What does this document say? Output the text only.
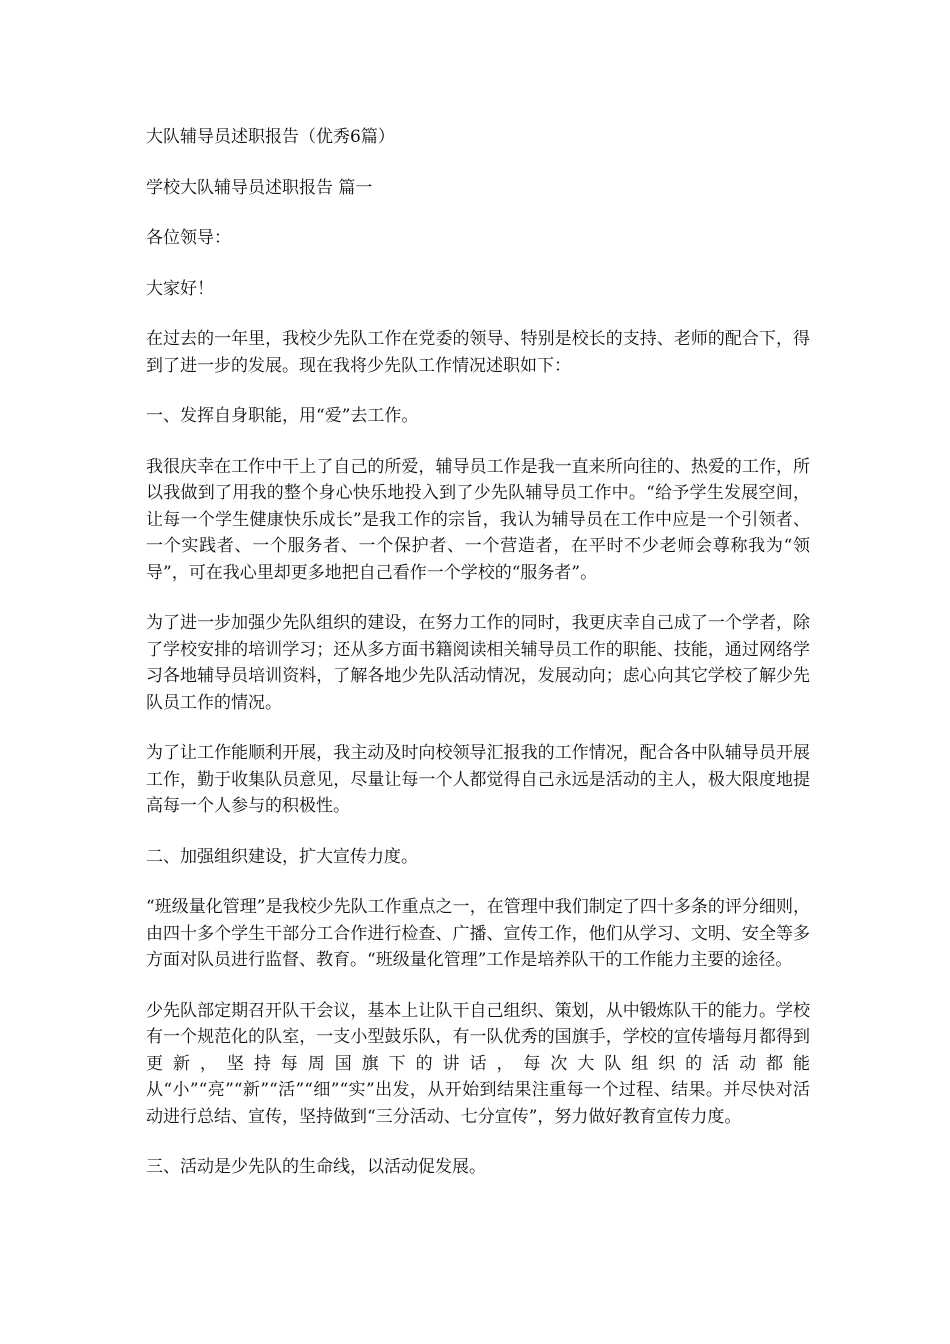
大队辅导员述职报告（优秀6篇）

学校大队辅导员述职报告 篇一

各位领导：

大家好！

在过去的一年里，我校少先队工作在党委的领导、特别是校长的支持、老师的配合下，得到了进一步的发展。现在我将少先队工作情况述职如下：

一、发挥自身职能，用“爱”去工作。

我很庆幸在工作中干上了自己的所爱，辅导员工作是我一直来所向往的、热爱的工作，所以我做到了用我的整个身心快乐地投入到了少先队辅导员工作中。“给予学生发展空间，让每一个学生健康快乐成长”是我工作的宗旨，我认为辅导员在工作中应是一个引领者、一个实践者、一个服务者、一个保护者、一个营造者，在平时不少老师会尊称我为“领导”，可在我心里却更多地把自己看作一个学校的“服务者”。

为了进一步加强少先队组织的建设，在努力工作的同时，我更庆幸自己成了一个学者，除了学校安排的培训学习；还从多方面书籍阅读相关辅导员工作的职能、技能，通过网络学习各地辅导员培训资料，了解各地少先队活动情况，发展动向；虑心向其它学校了解少先队员工作的情况。

为了让工作能顺利开展，我主动及时向校领导汇报我的工作情况，配合各中队辅导员开展工作，勤于收集队员意见，尽量让每一个人都觉得自己永远是活动的主人，极大限度地提高每一个人参与的积极性。

二、加强组织建设，扩大宣传力度。

“班级量化管理”是我校少先队工作重点之一，在管理中我们制定了四十多条的评分细则，由四十多个学生干部分工合作进行检查、广播、宣传工作，他们从学习、文明、安全等多方面对队员进行监督、教育。“班级量化管理”工作是培养队干的工作能力主要的途径。

少先队部定期召开队干会议，基本上让队干自己组织、策划，从中锻炼队干的能力。学校有一个规范化的队室，一支小型鼓乐队，有一队优秀的国旗手，学校的宣传墙每月都得到更新，坚持每周国旗下的讲话，每次大队组织的活动都能从“小”“亮”“新”“活”“细”“实”出发，从开始到结果注重每一个过程、结果。并尽快对活动进行总结、宣传，坚持做到“三分活动、七分宣传”，努力做好教育宣传力度。

三、活动是少先队的生命线，以活动促发展。
